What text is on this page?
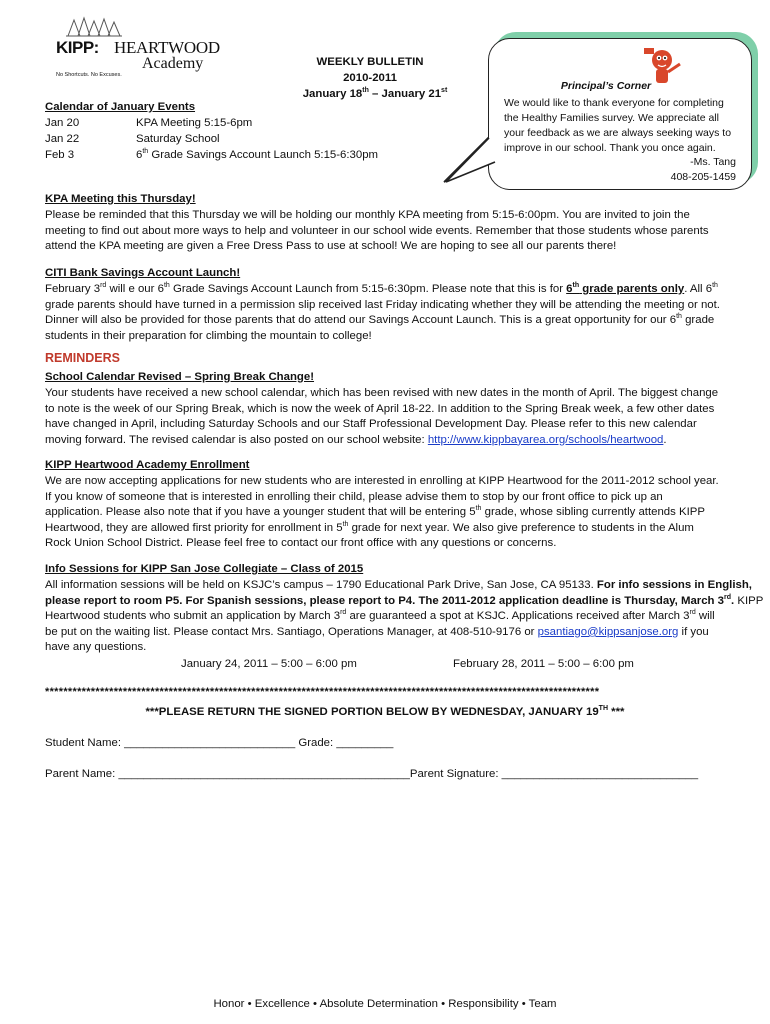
KIPP: HEARTWOOD
Academy
No Shortcuts. No Excuses.
WEEKLY BULLETIN
2010-2011
January 18th – January 21st	Principal’s Corner
We would like to thank everyone for completing
the Healthy Families survey. We appreciate all
your feedback as we are always seeking ways to
improve in our school. Thank you once again.
-Ms. Tang
408-205-1459
Calendar of January Events
Jan 20	KPA Meeting 5:15-6pm
Jan 22	Saturday School
Feb 3	6th Grade Savings Account Launch 5:15-6:30pm
KPA Meeting this Thursday!
Please be reminded that this Thursday we will be holding our monthly KPA meeting from 5:15-6:00pm. You are invited to join the
meeting to find out about more ways to help and volunteer in our school wide events. Remember that those students whose parents
attend the KPA meeting are given a Free Dress Pass to use at school! We are hoping to see all our parents there!
CITI Bank Savings Account Launch!
February 3rd will e our 6th Grade Savings Account Launch from 5:15-6:30pm. Please note that this is for 6th grade parents only. All 6th
grade parents should have turned in a permission slip received last Friday indicating whether they will be attending the meeting or not.
Dinner will also be provided for those parents that do attend our Savings Account Launch. This is a great opportunity for our 6th grade
students in their preparation for climbing the mountain to college!
REMINDERS
School Calendar Revised – Spring Break Change!
Your students have received a new school calendar, which has been revised with new dates in the month of April. The biggest change
to note is the week of our Spring Break, which is now the week of April 18-22. In addition to the Spring Break week, a few other dates
have changed in April, including Saturday Schools and our Staff Professional Development Day. Please refer to this new calendar
moving forward. The revised calendar is also posted on our school website: http://www.kippbayarea.org/schools/heartwood.
KIPP Heartwood Academy Enrollment
We are now accepting applications for new students who are interested in enrolling at KIPP Heartwood for the 2011-2012 school year.
If you know of someone that is interested in enrolling their child, please advise them to stop by our front office to pick up an
application. Please also note that if you have a younger student that will be entering 5th grade, whose sibling currently attends KIPP
Heartwood, they are allowed first priority for enrollment in 5th grade for next year. We also give preference to students in the Alum
Rock Union School District. Please feel free to contact our front office with any questions or concerns.
Info Sessions for KIPP San Jose Collegiate – Class of 2015
All information sessions will be held on KSJC’s campus – 1790 Educational Park Drive, San Jose, CA 95133. For info sessions in English,
please report to room P5. For Spanish sessions, please report to P4. The 2011-2012 application deadline is Thursday, March 3rd. KIPP
Heartwood students who submit an application by March 3rd are guaranteed a spot at KSJC. Applications received after March 3rd will
be put on the waiting list. Please contact Mrs. Santiago, Operations Manager, at 408-510-9176 or psantiago@kippsanjose.org if you
have any questions.
January 24, 2011 – 5:00 – 6:00 pm	February 28, 2011 – 5:00 – 6:00 pm
*************************************************************************************************************************
***PLEASE RETURN THE SIGNED PORTION BELOW BY WEDNESDAY, JANUARY 19TH ***
Student Name: ___________________________ Grade: _________
Parent Name: ______________________________________________Parent Signature: _______________________________
Honor • Excellence • Absolute Determination • Responsibility • Team
